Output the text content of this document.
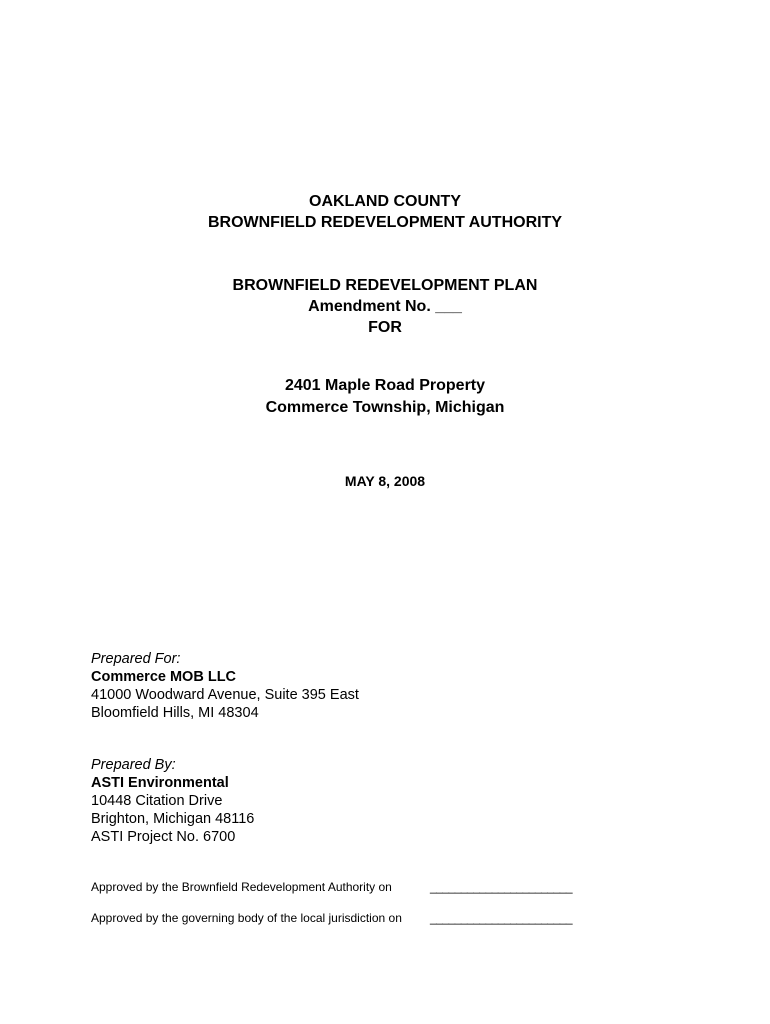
OAKLAND COUNTY
BROWNFIELD REDEVELOPMENT AUTHORITY
BROWNFIELD REDEVELOPMENT PLAN
Amendment No. ___
FOR
2401 Maple Road Property
Commerce Township, Michigan
MAY 8, 2008
Prepared For:
Commerce MOB LLC
41000 Woodward Avenue, Suite 395 East
Bloomfield Hills, MI 48304
Prepared By:
ASTI Environmental
10448 Citation Drive
Brighton, Michigan 48116
ASTI Project No. 6700
Approved by the Brownfield Redevelopment Authority on	_______________________
Approved by the governing body of the local jurisdiction on _______________________
